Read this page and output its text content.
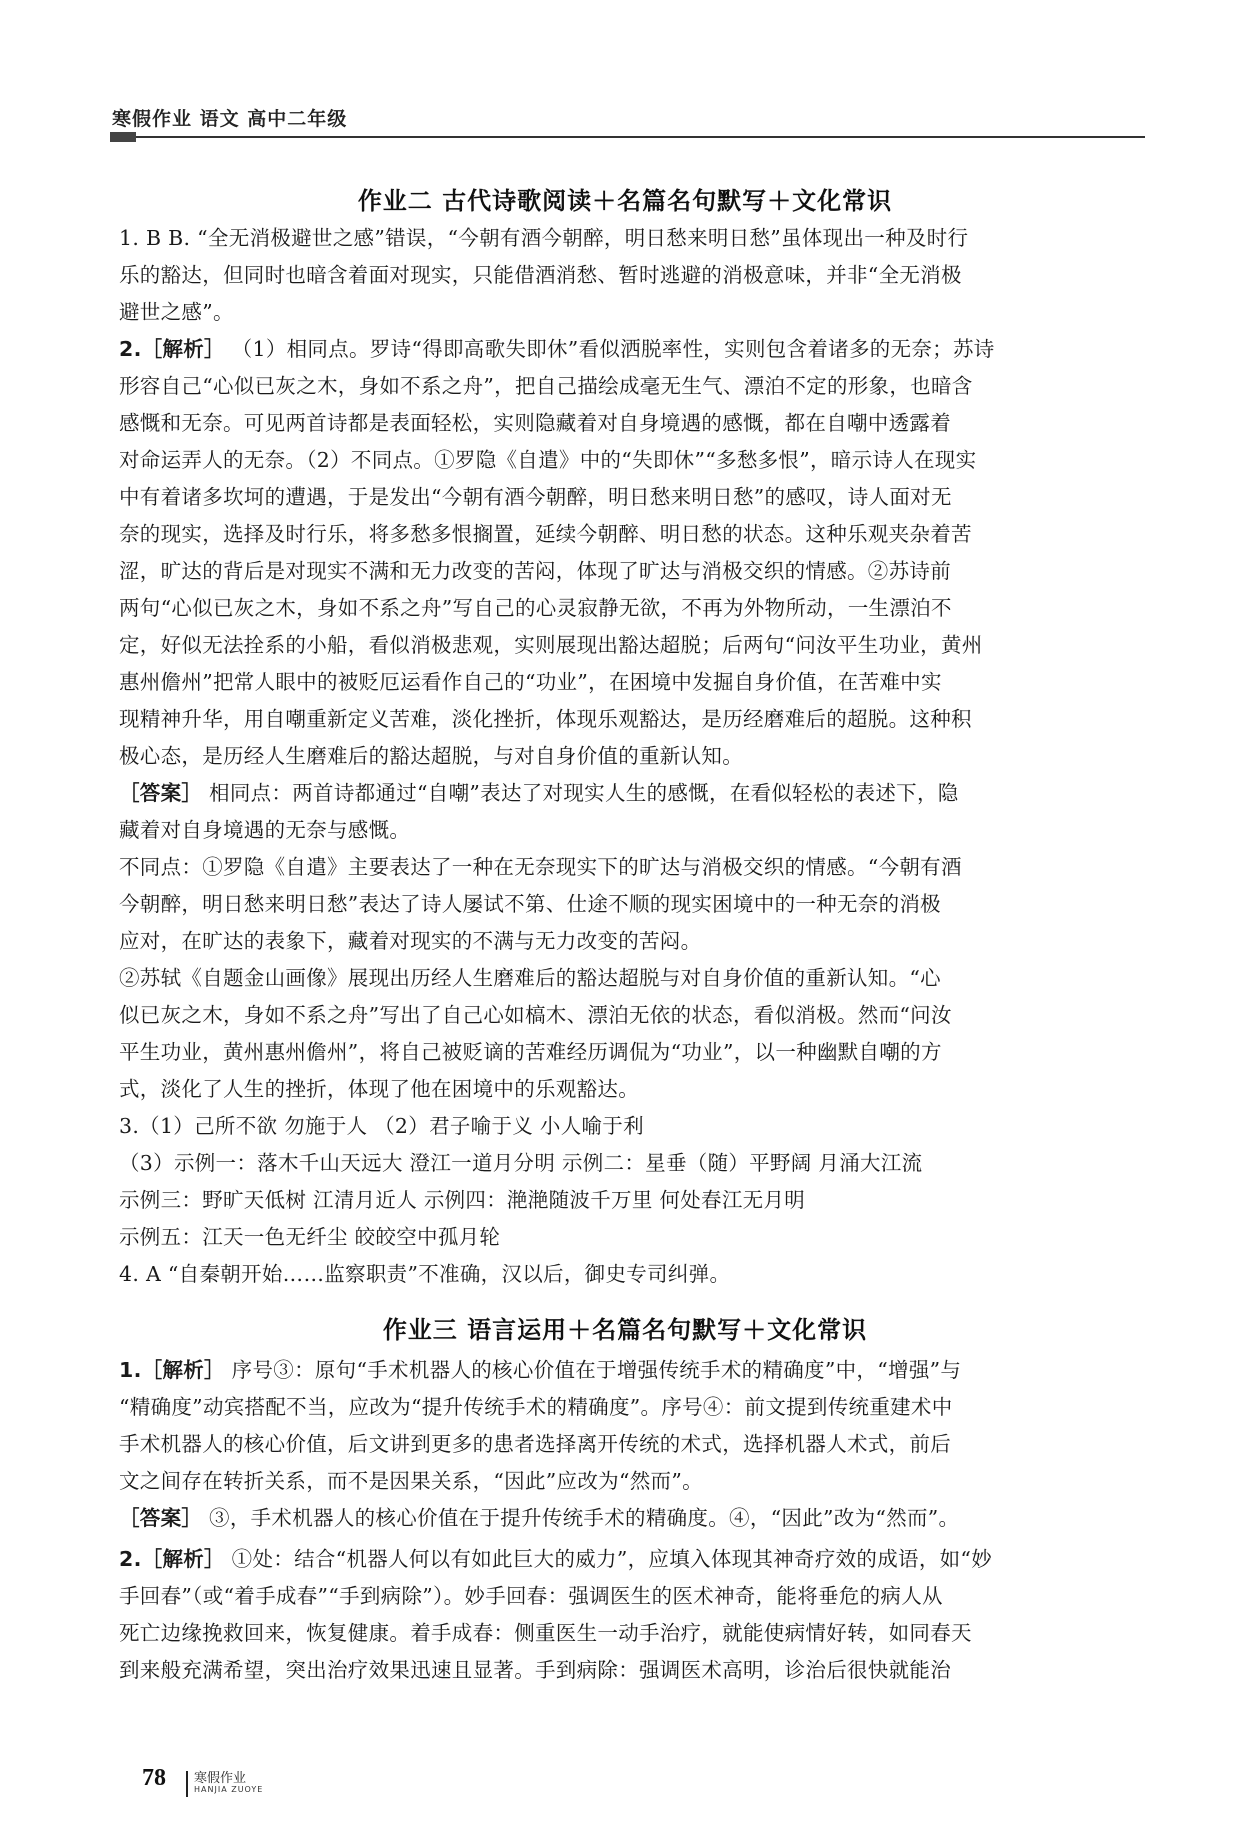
寒假作业 语文 高中二年级
作业二 古代诗歌阅读＋名篇名句默写＋文化常识
1. B B. “全无消极避世之感”错误，“今朝有酒今朝醉，明日愁来明日愁”虽体现出一种及时行
乐的豁达，但同时也暗含着面对现实，只能借酒消愁、暂时逃避的消极意味，并非“全无消极
避世之感”。
2.［解析］ （1）相同点。罗诗“得即高歌失即休”看似洒脱率性，实则包含着诸多的无奈；苏诗
形容自己“心似已灰之木，身如不系之舟”，把自己描绘成毫无生气、漂泊不定的形象，也暗含
感慨和无奈。可见两首诗都是表面轻松，实则隐藏着对自身境遇的感慨，都在自嘲中透露着
对命运弄人的无奈。（2）不同点。①罗隐《自遣》中的“失即休”“多愁多恨”，暗示诗人在现实
中有着诸多坎坷的遭遇，于是发出“今朝有酒今朝醉，明日愁来明日愁”的感叹，诗人面对无
奈的现实，选择及时行乐，将多愁多恨搁置，延续今朝醉、明日愁的状态。这种乐观夹杂着苦
涩，旷达的背后是对现实不满和无力改变的苦闷，体现了旷达与消极交织的情感。②苏诗前
两句“心似已灰之木，身如不系之舟”写自己的心灵寂静无欲，不再为外物所动，一生漂泊不
定，好似无法拴系的小船，看似消极悲观，实则展现出豁达超脱；后两句“问汝平生功业，黄州
惠州儋州”把常人眼中的被贬厄运看作自己的“功业”，在困境中发掘自身价值，在苦难中实
现精神升华，用自嘲重新定义苦难，淡化挫折，体现乐观豁达，是历经磨难后的超脱。这种积
极心态，是历经人生磨难后的豁达超脱，与对自身价值的重新认知。
［答案］ 相同点：两首诗都通过“自嘲”表达了对现实人生的感慨，在看似轻松的表述下，隐
藏着对自身境遇的无奈与感慨。
不同点：①罗隐《自遣》主要表达了一种在无奈现实下的旷达与消极交织的情感。“今朝有酒
今朝醉，明日愁来明日愁”表达了诗人屡试不第、仕途不顺的现实困境中的一种无奈的消极
应对，在旷达的表象下，藏着对现实的不满与无力改变的苦闷。
②苏轼《自题金山画像》展现出历经人生磨难后的豁达超脱与对自身价值的重新认知。“心
似已灰之木，身如不系之舟”写出了自己心如槁木、漂泊无依的状态，看似消极。然而“问汝
平生功业，黄州惠州儋州”，将自己被贬谪的苦难经历调侃为“功业”，以一种幽默自嘲的方
式，淡化了人生的挫折，体现了他在困境中的乐观豁达。
3.（1）己所不欲 勿施于人 （2）君子喻于义 小人喻于利
（3）示例一：落木千山天远大 澄江一道月分明 示例二：星垂（随）平野阔 月涌大江流
示例三：野旷天低树 江清月近人 示例四：滟滟随波千万里 何处春江无月明
示例五：江天一色无纤尘 皎皎空中孤月轮
4. A “自秦朝开始……监察职责”不准确，汉以后，御史专司纠弹。
作业三 语言运用＋名篇名句默写＋文化常识
1.［解析］ 序号③：原句“手术机器人的核心价值在于增强传统手术的精确度”中，“增强”与
“精确度”动宾搭配不当，应改为“提升传统手术的精确度”。序号④：前文提到传统重建术中
手术机器人的核心价值，后文讲到更多的患者选择离开传统的术式，选择机器人术式，前后
文之间存在转折关系，而不是因果关系，“因此”应改为“然而”。
［答案］ ③，手术机器人的核心价值在于提升传统手术的精确度。④，“因此”改为“然而”。
2.［解析］ ①处：结合“机器人何以有如此巨大的威力”，应填入体现其神奇疗效的成语，如“妙
手回春”（或“着手成春”“手到病除”）。妙手回春：强调医生的医术神奇，能将垂危的病人从
死亡边缘挽救回来，恢复健康。着手成春：侧重医生一动手治疗，就能使病情好转，如同春天
到来般充满希望，突出治疗效果迅速且显著。手到病除：强调医术高明，诊治后很快就能治
78 寒假作业
HANJIA ZUOYE
